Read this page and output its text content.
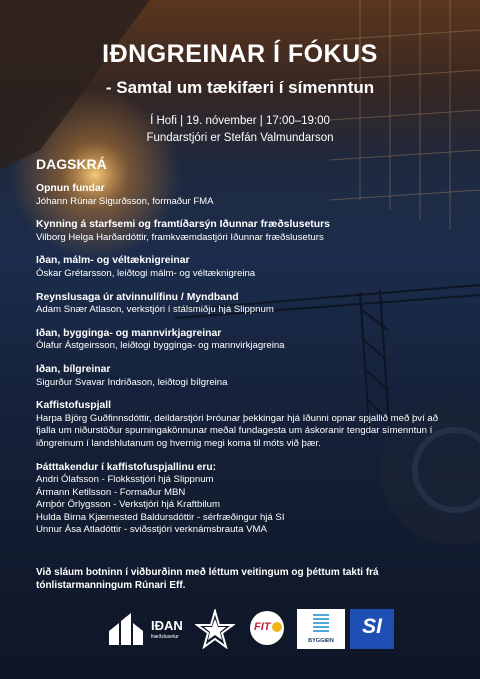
IÐNGREINAR Í FÓKUS
- Samtal um tækifæri í símenntun
Í Hofi | 19. nóvember | 17:00–19:00
Fundarstjóri er Stefán Valmundarson
DAGSKRÁ
Opnun fundar
Jóhann Rúnar Sigurðsson, formaður FMA
Kynning á starfsemi og framtíðarsýn Iðunnar fræðsluseturs
Vilborg Helga Harðardóttir, framkvæmdastjóri Iðunnar fræðsluseturs
Iðan, málm- og véltæknigreinar
Óskar Grétarsson, leiðtogi málm- og véltæknigreina
Reynslusaga úr atvinnulífinu / Myndband
Adam Snær Atlason, verkstjóri í stálsmiðju hjá Slippnum
Iðan, bygginga- og mannvirkjagreinar
Ólafur Ástgeirsson, leiðtogi bygginga- og mannvirkjagreina
Iðan, bílgreinar
Sigurður Svavar Indriðason, leiðtogi bílgreina
Kaffistofuspjall
Harpa Björg Guðfinnsdóttir, deildarstjóri Þróunar þekkingar hjá Iðunni opnar spjallið með því að fjalla um niðurstöður spurningakönnunar meðal fundagesta um áskoranir tengdar símenntun í iðngreinum í landshlutanum og hvernig megi koma til móts við þær.
Þátttakendur í kaffistofuspjallinu eru:
Andri Ólafsson - Flokksstjóri hjá Slippnum
Ármann Ketilsson - Formaður MBN
Arnþór Örlygsson - Verkstjóri hjá Kraftbilum
Hulda Birna Kjærnested Baldursdóttir - sérfræðingur hjá SI
Unnur Ása Atladóttir - sviðsstjóri verknámsbrauta VMA
Við sláum botninn í viðburðinn með léttum veitingum og þéttum takti frá tónlistarmanningum Rúnari Eff.
IÐAN
fræðslusetur
FIT
BYGGIÐN
SI
